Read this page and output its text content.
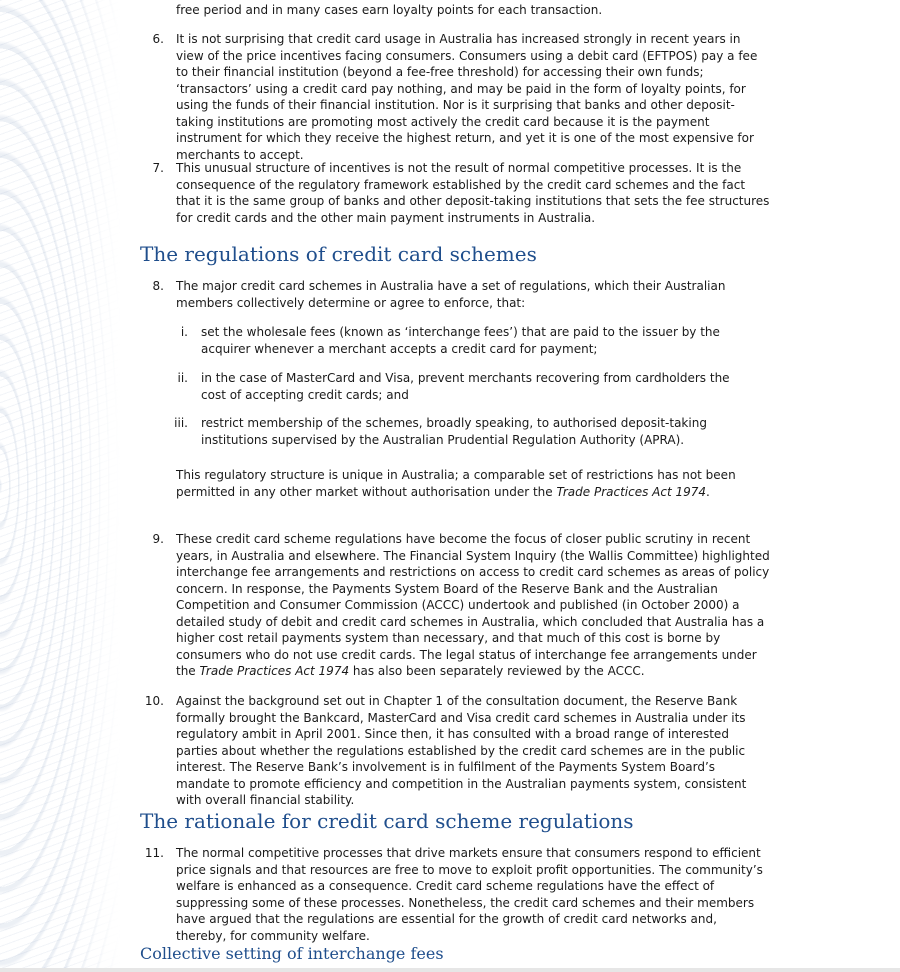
free period and in many cases earn loyalty points for each transaction.
6. It is not surprising that credit card usage in Australia has increased strongly in recent years in view of the price incentives facing consumers. Consumers using a debit card (EFTPOS) pay a fee to their financial institution (beyond a fee-free threshold) for accessing their own funds; ‘transactors’ using a credit card pay nothing, and may be paid in the form of loyalty points, for using the funds of their financial institution. Nor is it surprising that banks and other deposit-taking institutions are promoting most actively the credit card because it is the payment instrument for which they receive the highest return, and yet it is one of the most expensive for merchants to accept.
7. This unusual structure of incentives is not the result of normal competitive processes. It is the consequence of the regulatory framework established by the credit card schemes and the fact that it is the same group of banks and other deposit-taking institutions that sets the fee structures for credit cards and the other main payment instruments in Australia.
The regulations of credit card schemes
8. The major credit card schemes in Australia have a set of regulations, which their Australian members collectively determine or agree to enforce, that:
i. set the wholesale fees (known as ‘interchange fees’) that are paid to the issuer by the acquirer whenever a merchant accepts a credit card for payment;
ii. in the case of MasterCard and Visa, prevent merchants recovering from cardholders the cost of accepting credit cards; and
iii. restrict membership of the schemes, broadly speaking, to authorised deposit-taking institutions supervised by the Australian Prudential Regulation Authority (APRA).
This regulatory structure is unique in Australia; a comparable set of restrictions has not been permitted in any other market without authorisation under the Trade Practices Act 1974.
9. These credit card scheme regulations have become the focus of closer public scrutiny in recent years, in Australia and elsewhere. The Financial System Inquiry (the Wallis Committee) highlighted interchange fee arrangements and restrictions on access to credit card schemes as areas of policy concern. In response, the Payments System Board of the Reserve Bank and the Australian Competition and Consumer Commission (ACCC) undertook and published (in October 2000) a detailed study of debit and credit card schemes in Australia, which concluded that Australia has a higher cost retail payments system than necessary, and that much of this cost is borne by consumers who do not use credit cards. The legal status of interchange fee arrangements under the Trade Practices Act 1974 has also been separately reviewed by the ACCC.
10. Against the background set out in Chapter 1 of the consultation document, the Reserve Bank formally brought the Bankcard, MasterCard and Visa credit card schemes in Australia under its regulatory ambit in April 2001. Since then, it has consulted with a broad range of interested parties about whether the regulations established by the credit card schemes are in the public interest. The Reserve Bank’s involvement is in fulfilment of the Payments System Board’s mandate to promote efficiency and competition in the Australian payments system, consistent with overall financial stability.
The rationale for credit card scheme regulations
11. The normal competitive processes that drive markets ensure that consumers respond to efficient price signals and that resources are free to move to exploit profit opportunities. The community’s welfare is enhanced as a consequence. Credit card scheme regulations have the effect of suppressing some of these processes. Nonetheless, the credit card schemes and their members have argued that the regulations are essential for the growth of credit card networks and, thereby, for community welfare.
Collective setting of interchange fees
